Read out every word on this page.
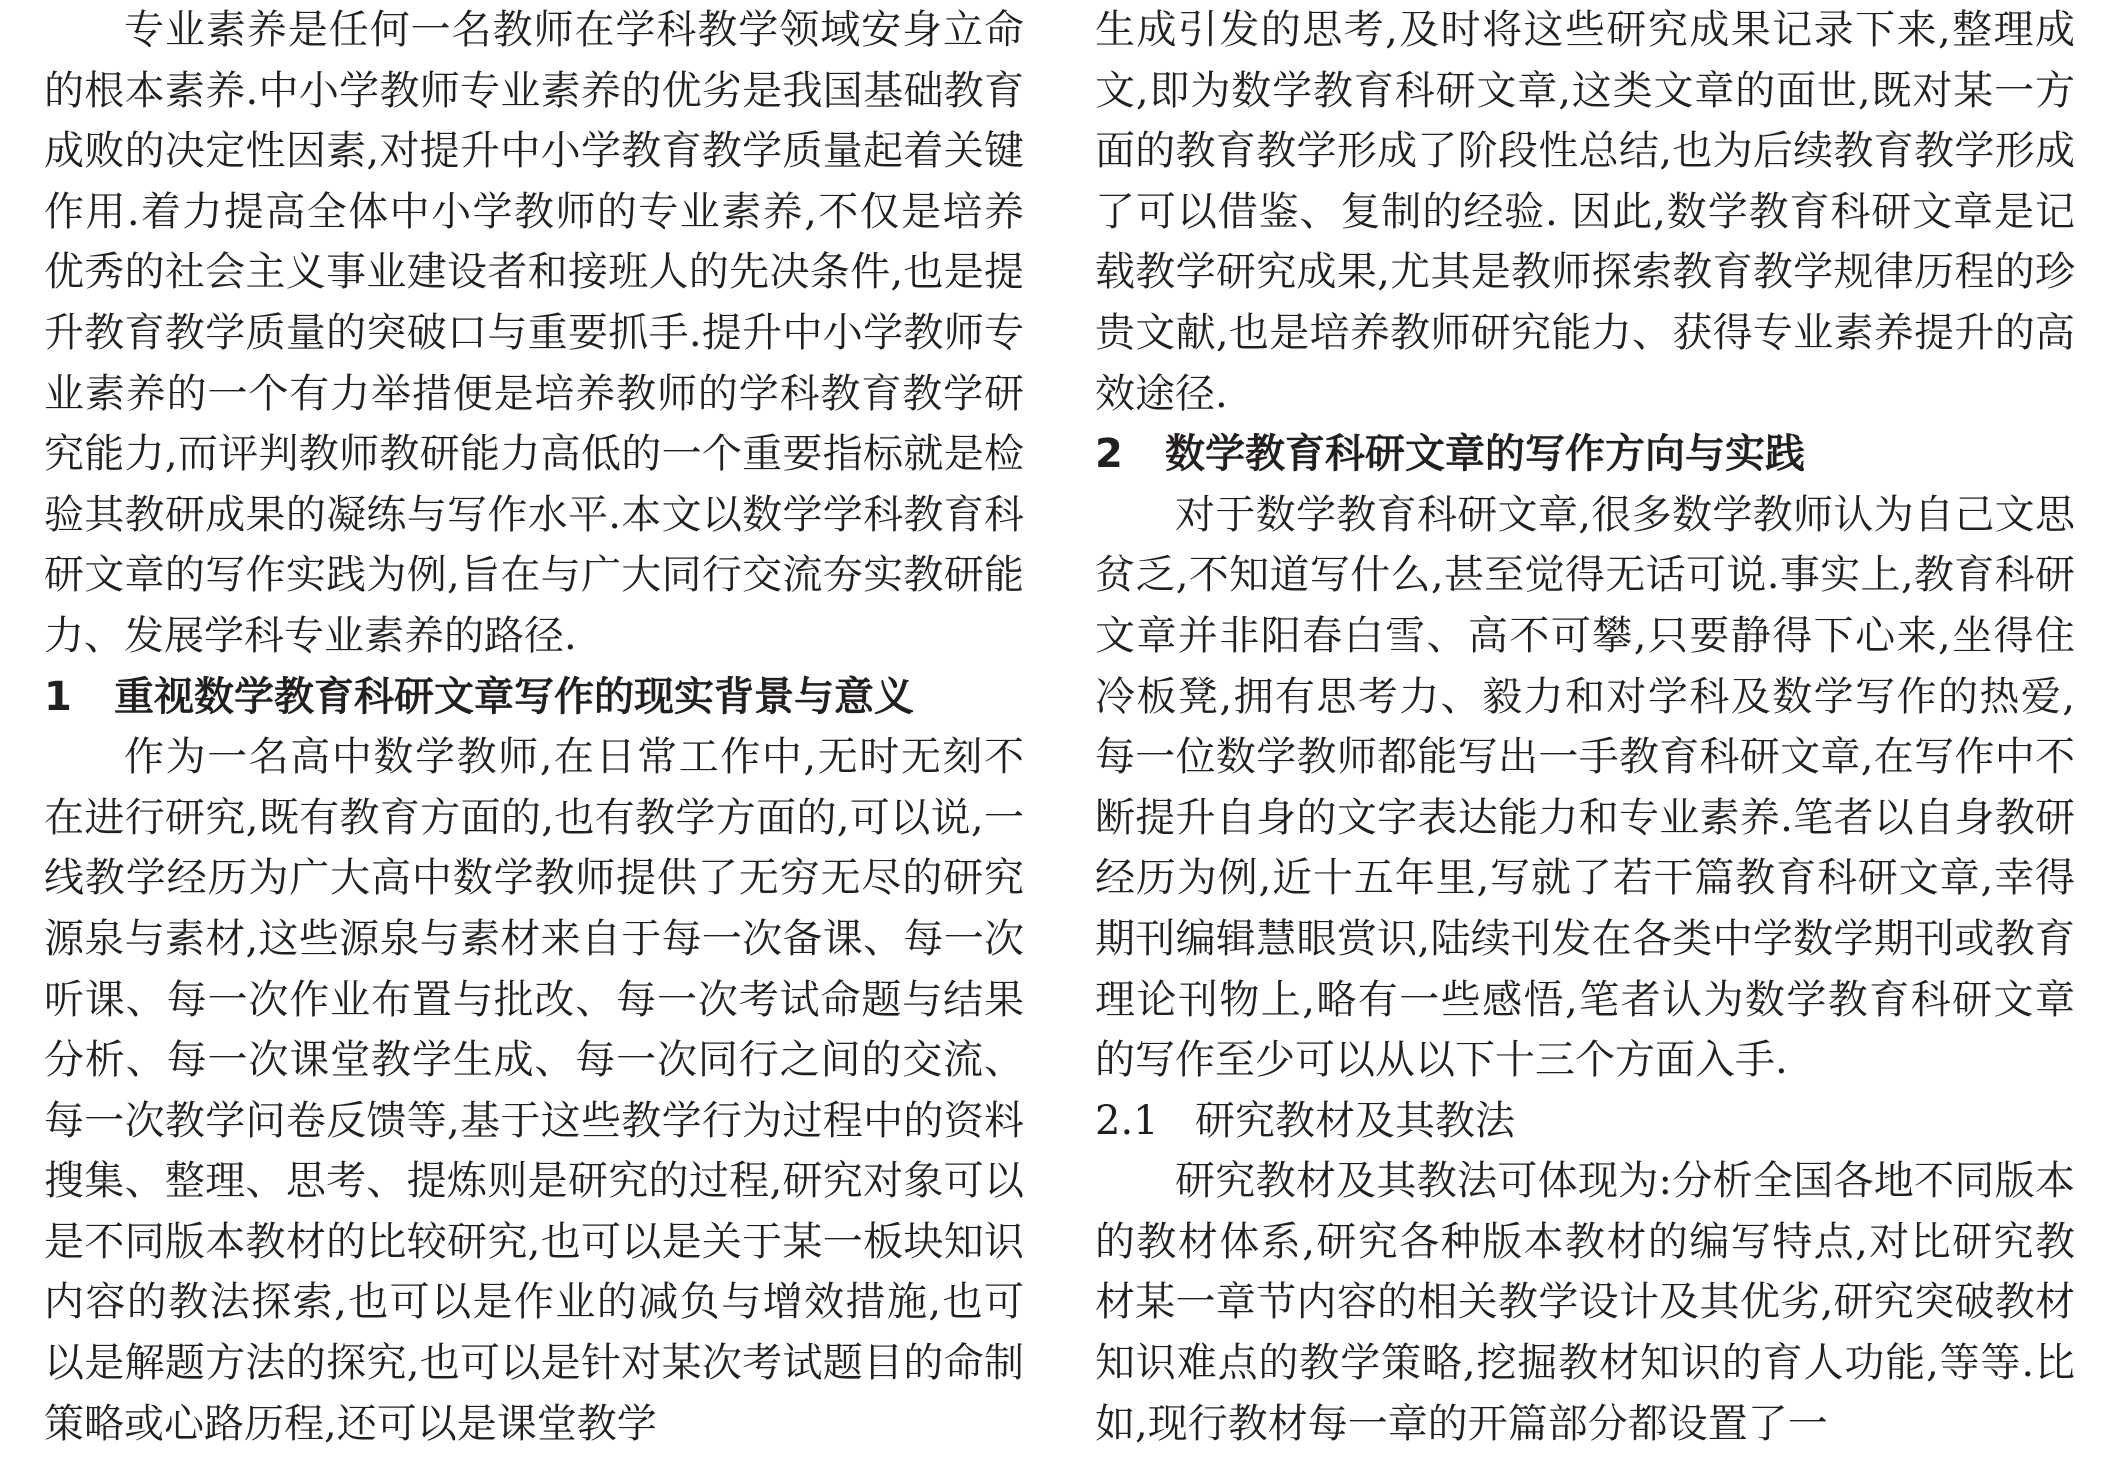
专业素养是任何一名教师在学科教学领域安身立命的根本素养.中小学教师专业素养的优劣是我国基础教育成败的决定性因素,对提升中小学教育教学质量起着关键作用.着力提高全体中小学教师的专业素养,不仅是培养优秀的社会主义事业建设者和接班人的先决条件,也是提升教育教学质量的突破口与重要抓手.提升中小学教师专业素养的一个有力举措便是培养教师的学科教育教学研究能力,而评判教师教研能力高低的一个重要指标就是检验其教研成果的凝练与写作水平.本文以数学学科教育科研文章的写作实践为例,旨在与广大同行交流夯实教研能力、发展学科专业素养的路径.

1 重视数学教育科研文章写作的现实背景与意义

作为一名高中数学教师,在日常工作中,无时无刻不在进行研究,既有教育方面的,也有教学方面的,可以说,一线教学经历为广大高中数学教师提供了无穷无尽的研究源泉与素材,这些源泉与素材来自于每一次备课、每一次听课、每一次作业布置与批改、每一次考试命题与结果分析、每一次课堂教学生成、每一次同行之间的交流、每一次教学问卷反馈等,基于这些教学行为过程中的资料搜集、整理、思考、提炼则是研究的过程,研究对象可以是不同版本教材的比较研究,也可以是关于某一板块知识内容的教法探索,也可以是作业的减负与增效措施,也可以是解题方法的探究,也可以是针对某次考试题目的命制策略或心路历程,还可以是课堂教学

生成引发的思考,及时将这些研究成果记录下来,整理成文,即为数学教育科研文章,这类文章的面世,既对某一方面的教育教学形成了阶段性总结,也为后续教育教学形成了可以借鉴、复制的经验. 因此,数学教育科研文章是记载教学研究成果,尤其是教师探索教育教学规律历程的珍贵文献,也是培养教师研究能力、获得专业素养提升的高效途径.

2 数学教育科研文章的写作方向与实践

对于数学教育科研文章,很多数学教师认为自己文思贫乏,不知道写什么,甚至觉得无话可说.事实上,教育科研文章并非阳春白雪、高不可攀,只要静得下心来,坐得住冷板凳,拥有思考力、毅力和对学科及数学写作的热爱,每一位数学教师都能写出一手教育科研文章,在写作中不断提升自身的文字表达能力和专业素养.笔者以自身教研经历为例,近十五年里,写就了若干篇教育科研文章,幸得期刊编辑慧眼赏识,陆续刊发在各类中学数学期刊或教育理论刊物上,略有一些感悟,笔者认为数学教育科研文章的写作至少可以从以下十三个方面入手.

2.1 研究教材及其教法

研究教材及其教法可体现为:分析全国各地不同版本的教材体系,研究各种版本教材的编写特点,对比研究教材某一章节内容的相关教学设计及其优劣,研究突破教材知识难点的教学策略,挖掘教材知识的育人功能,等等.比如,现行教材每一章的开篇部分都设置了一
